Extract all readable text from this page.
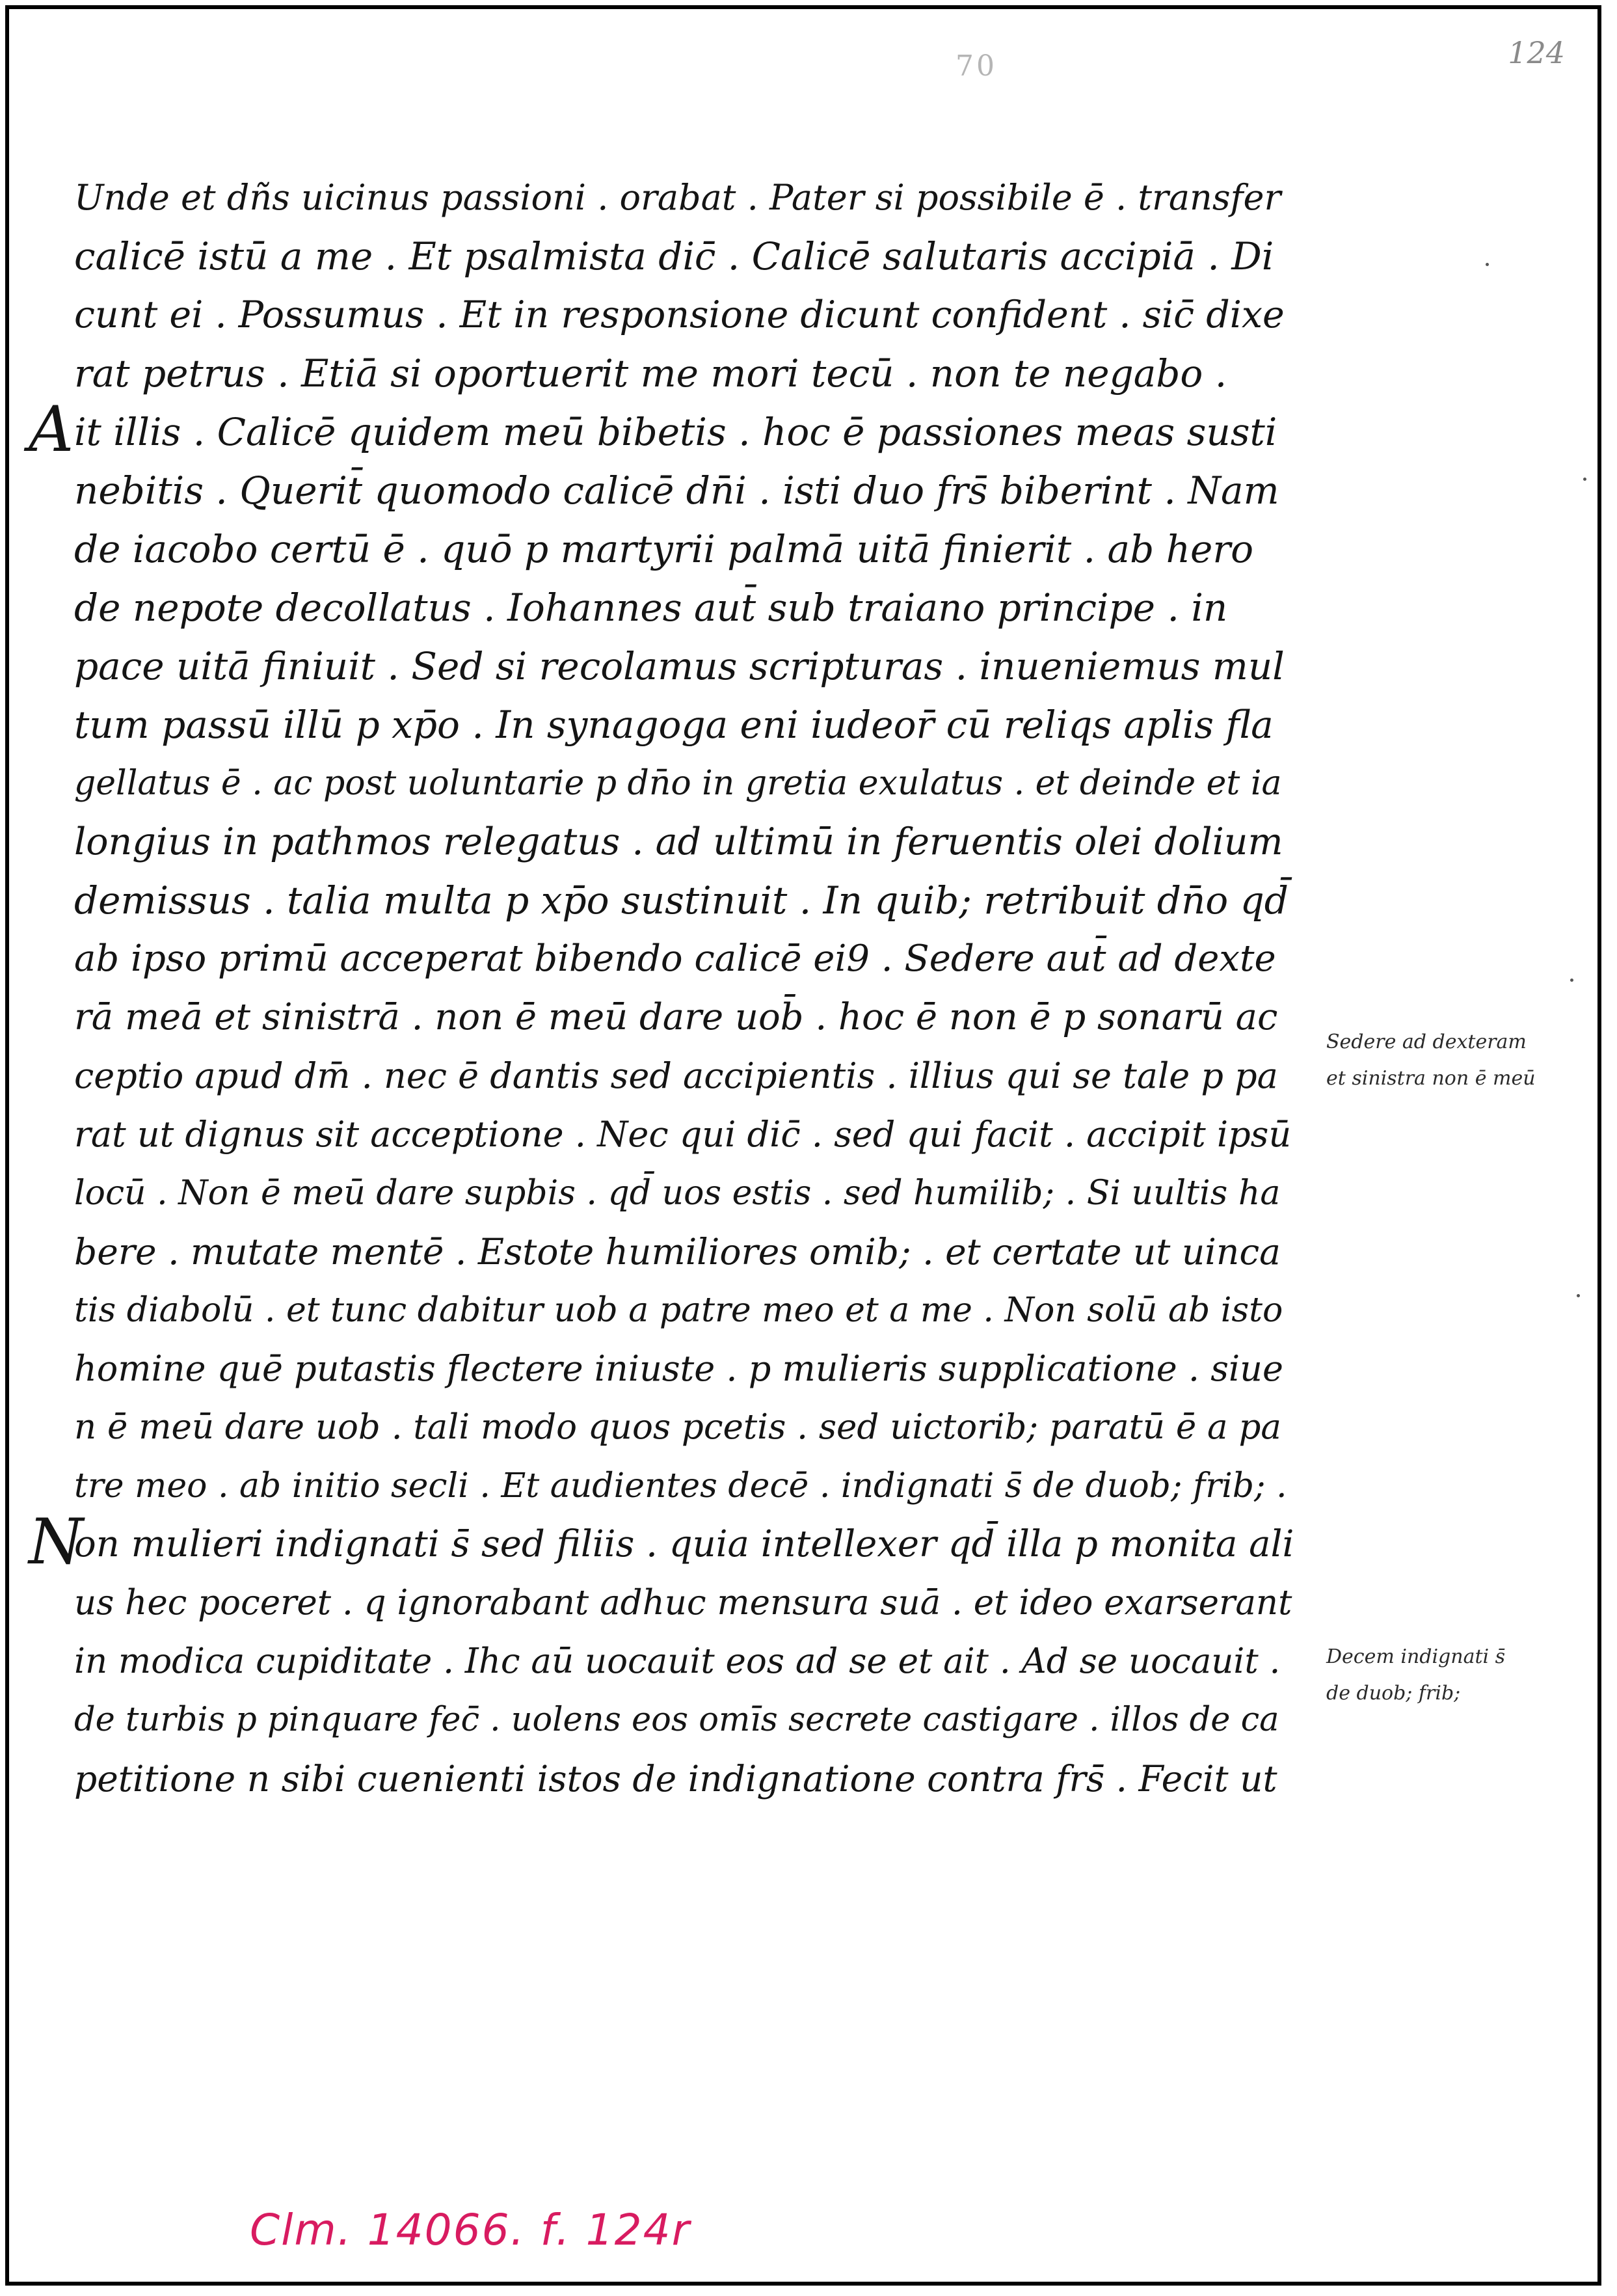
124
70
Unde et dñs uicinus passioni . orabat . Pater si possibile ē . transfer
calicē istū a me . Et psalmista dic̄ . Calicē salutaris accipiā . Di
cunt ei . Possumus . Et in responsione dicunt confident . sic̄ dixe
rat petrus . Etiā si oportuerit me mori tecū . non te negabo .
it illis . Calicē quidem meū bibetis . hoc ē passiones meas susti
nebitis . Querit̄ quomodo calicē dn̄i . isti duo frs̄ biberint . Nam
de iacobo certū ē . quō p martyrii palmā uitā finierit . ab hero
de nepote decollatus . Iohannes aut̄ sub traiano principe . in
pace uitā finiuit . Sed si recolamus scripturas . inueniemus mul
tum passū illū p xp̄o . In synagoga eni iudeor̄ cū reliqs aplis fla
gellatus ē . ac post uoluntarie p dn̄o in gretia exulatus . et deinde et ia
longius in pathmos relegatus . ad ultimū in feruentis olei dolium
demissus . talia multa p xp̄o sustinuit . In quib; retribuit dn̄o qd̄
ab ipso primū acceperat bibendo calicē ei9 . Sedere aut̄ ad dexte
rā meā et sinistrā . non ē meū dare uob̄ . hoc ē non ē p sonarū ac
ceptio apud dm̄ . nec ē dantis sed accipientis . illius qui se tale p pa
rat ut dignus sit acceptione . Nec qui dic̄ . sed qui facit . accipit ipsū
locū . Non ē meū dare supbis . qd̄ uos estis . sed humilib; . Si uultis ha
bere . mutate mentē . Estote humiliores omib; . et certate ut uinca
tis diabolū . et tunc dabitur uob a patre meo et a me . Non solū ab isto
homine quē putastis flectere iniuste . p mulieris supplicatione . siue
n ē meū dare uob . tali modo quos pcetis . sed uictorib; paratū ē a pa
tre meo . ab initio secli . Et audientes decē . indignati s̄ de duob; frib; .
on mulieri indignati s̄ sed filiis . quia intellexer qd̄ illa p monita ali
us hec poceret . q ignorabant adhuc mensura suā . et ideo exarserant
in modica cupiditate . Ihc aū uocauit eos ad se et ait . Ad se uocauit .
de turbis p pinquare fec̄ . uolens eos omīs secrete castigare . illos de ca
petitione n sibi cuenienti istos de indignatione contra frs̄ . Fecit ut
A
N
Sedere ad dexteram
et sinistra non ē meū
Decem indignati s̄
de duob; frib;
Clm. 14066. f. 124r
